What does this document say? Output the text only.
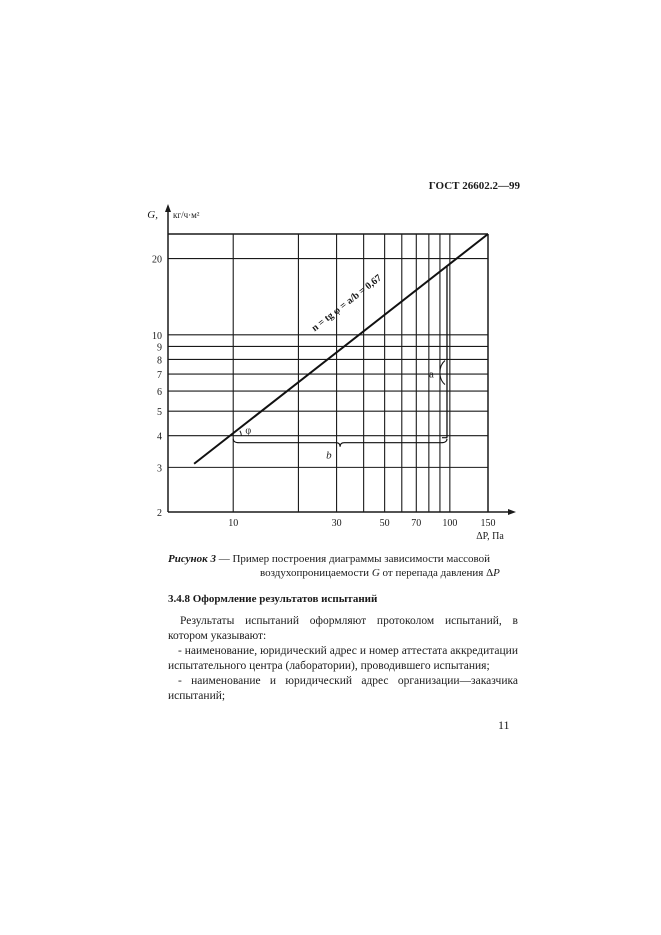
ГОСТ 26602.2—99
2
3
4
5
6
7
8
9
10
20
10	30	50 70 100 150
G, кг/ч·м²
ΔP, Па
n = tg φ = a/b = 0,67
b
a
φ
Рисунок 3 — Пример построения диаграммы зависимости массовой
воздухопроницаемости G от перепада давления ΔP
3.4.8 Оформление результатов испытаний

Результаты испытаний оформляют протоколом испытаний, в котором указывают:

- наименование, юридический адрес и номер аттестата аккредитации испытательного центра (лаборатории), проводившего испытания;

- наименование и юридический адрес организации—заказчика испытаний;

11
